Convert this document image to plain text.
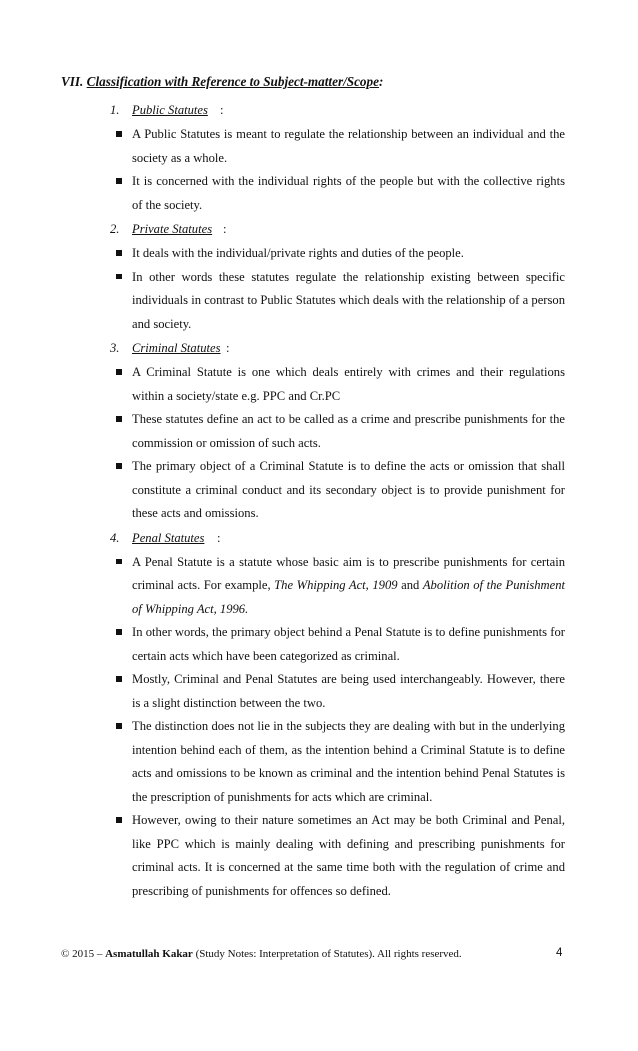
VII. Classification with Reference to Subject-matter/Scope:
1. Public Statutes :
A Public Statutes is meant to regulate the relationship between an individual and the society as a whole.
It is concerned with the individual rights of the people but with the collective rights of the society.
2. Private Statutes :
It deals with the individual/private rights and duties of the people.
In other words these statutes regulate the relationship existing between specific individuals in contrast to Public Statutes which deals with the relationship of a person and society.
3. Criminal Statutes :
A Criminal Statute is one which deals entirely with crimes and their regulations within a society/state e.g. PPC and Cr.PC
These statutes define an act to be called as a crime and prescribe punishments for the commission or omission of such acts.
The primary object of a Criminal Statute is to define the acts or omission that shall constitute a criminal conduct and its secondary object is to provide punishment for these acts and omissions.
4. Penal Statutes :
A Penal Statute is a statute whose basic aim is to prescribe punishments for certain criminal acts. For example, The Whipping Act, 1909 and Abolition of the Punishment of Whipping Act, 1996.
In other words, the primary object behind a Penal Statute is to define punishments for certain acts which have been categorized as criminal.
Mostly, Criminal and Penal Statutes are being used interchangeably. However, there is a slight distinction between the two.
The distinction does not lie in the subjects they are dealing with but in the underlying intention behind each of them, as the intention behind a Criminal Statute is to define acts and omissions to be known as criminal and the intention behind Penal Statutes is the prescription of punishments for acts which are criminal.
However, owing to their nature sometimes an Act may be both Criminal and Penal, like PPC which is mainly dealing with defining and prescribing punishments for criminal acts. It is concerned at the same time both with the regulation of crime and prescribing of punishments for offences so defined.
© 2015 – Asmatullah Kakar (Study Notes: Interpretation of Statutes). All rights reserved.	4
